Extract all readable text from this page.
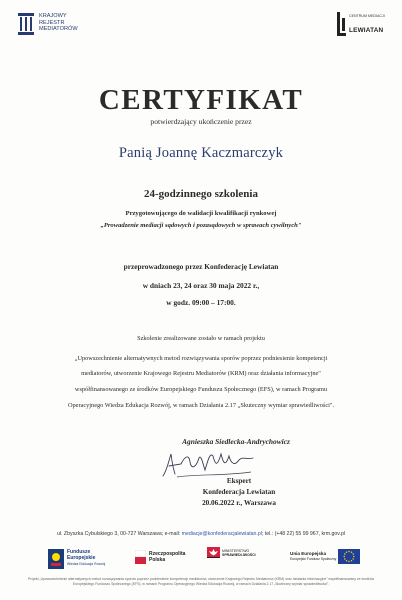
KRAJOWY
REJESTR
MEDIATORÓW
CENTRUM MEDIACJI
LEWIATAN
CERTYFIKAT
potwierdzający ukończenie przez
Panią Joannę Kaczmarczyk
24-godzinnego szkolenia
Przygotowującego do walidacji kwalifikacji rynkowej
„Prowadzenie mediacji sądowych i pozasądowych w sprawach cywilnych"
przeprowadzonego przez Konfederację Lewiatan
w dniach 23, 24 oraz 30 maja 2022 r.,
w godz. 09:00 – 17:00.
Szkolenie zrealizowane zostało w ramach projektu
„Upowszechnienie alternatywnych metod rozwiązywania sporów poprzez podniesienie kompetencji
mediatorów, utworzenie Krajowego Rejestru Mediatorów (KRM) oraz działania informacyjne"
współfinansowanego ze środków Europejskiego Funduszu Społecznego (EFS), w ramach Programu
Operacyjnego Wiedza Edukacja Rozwój, w ramach Działania 2.17 „Skuteczny wymiar sprawiedliwości".
Agnieszka Siedlecka-Andrychowicz
Ekspert
Konfederacja Lewiatan
20.06.2022 r., Warszawa
ul. Zbyszka Cybulskiego 3, 00-727 Warszawa; e-mail: mediacje@konfederacjalewiatan.pl; tel.: (+48 22) 55 99 967, krm.gov.pl
Fundusze
Europejskie
Wiedza Edukacja Rozwój
Rzeczpospolita
Polska
MINISTERSTWO
SPRAWIEDLIWOŚCI	Unia Europejska
Europejski Fundusz Społeczny
Projekt „Upowszechnienie alternatywnych metod rozwiązywania sporów poprzez podniesienie kompetencji mediatorów, utworzenie Krajowego Rejestru Mediatorów (KRM) oraz działania informacyjne" współfinansowany ze środków Europejskiego Funduszu Społecznego (EFS), w ramach Programu Operacyjnego Wiedza Edukacja Rozwój, w ramach Działania 2.17 „Skuteczny wymiar sprawiedliwości".
